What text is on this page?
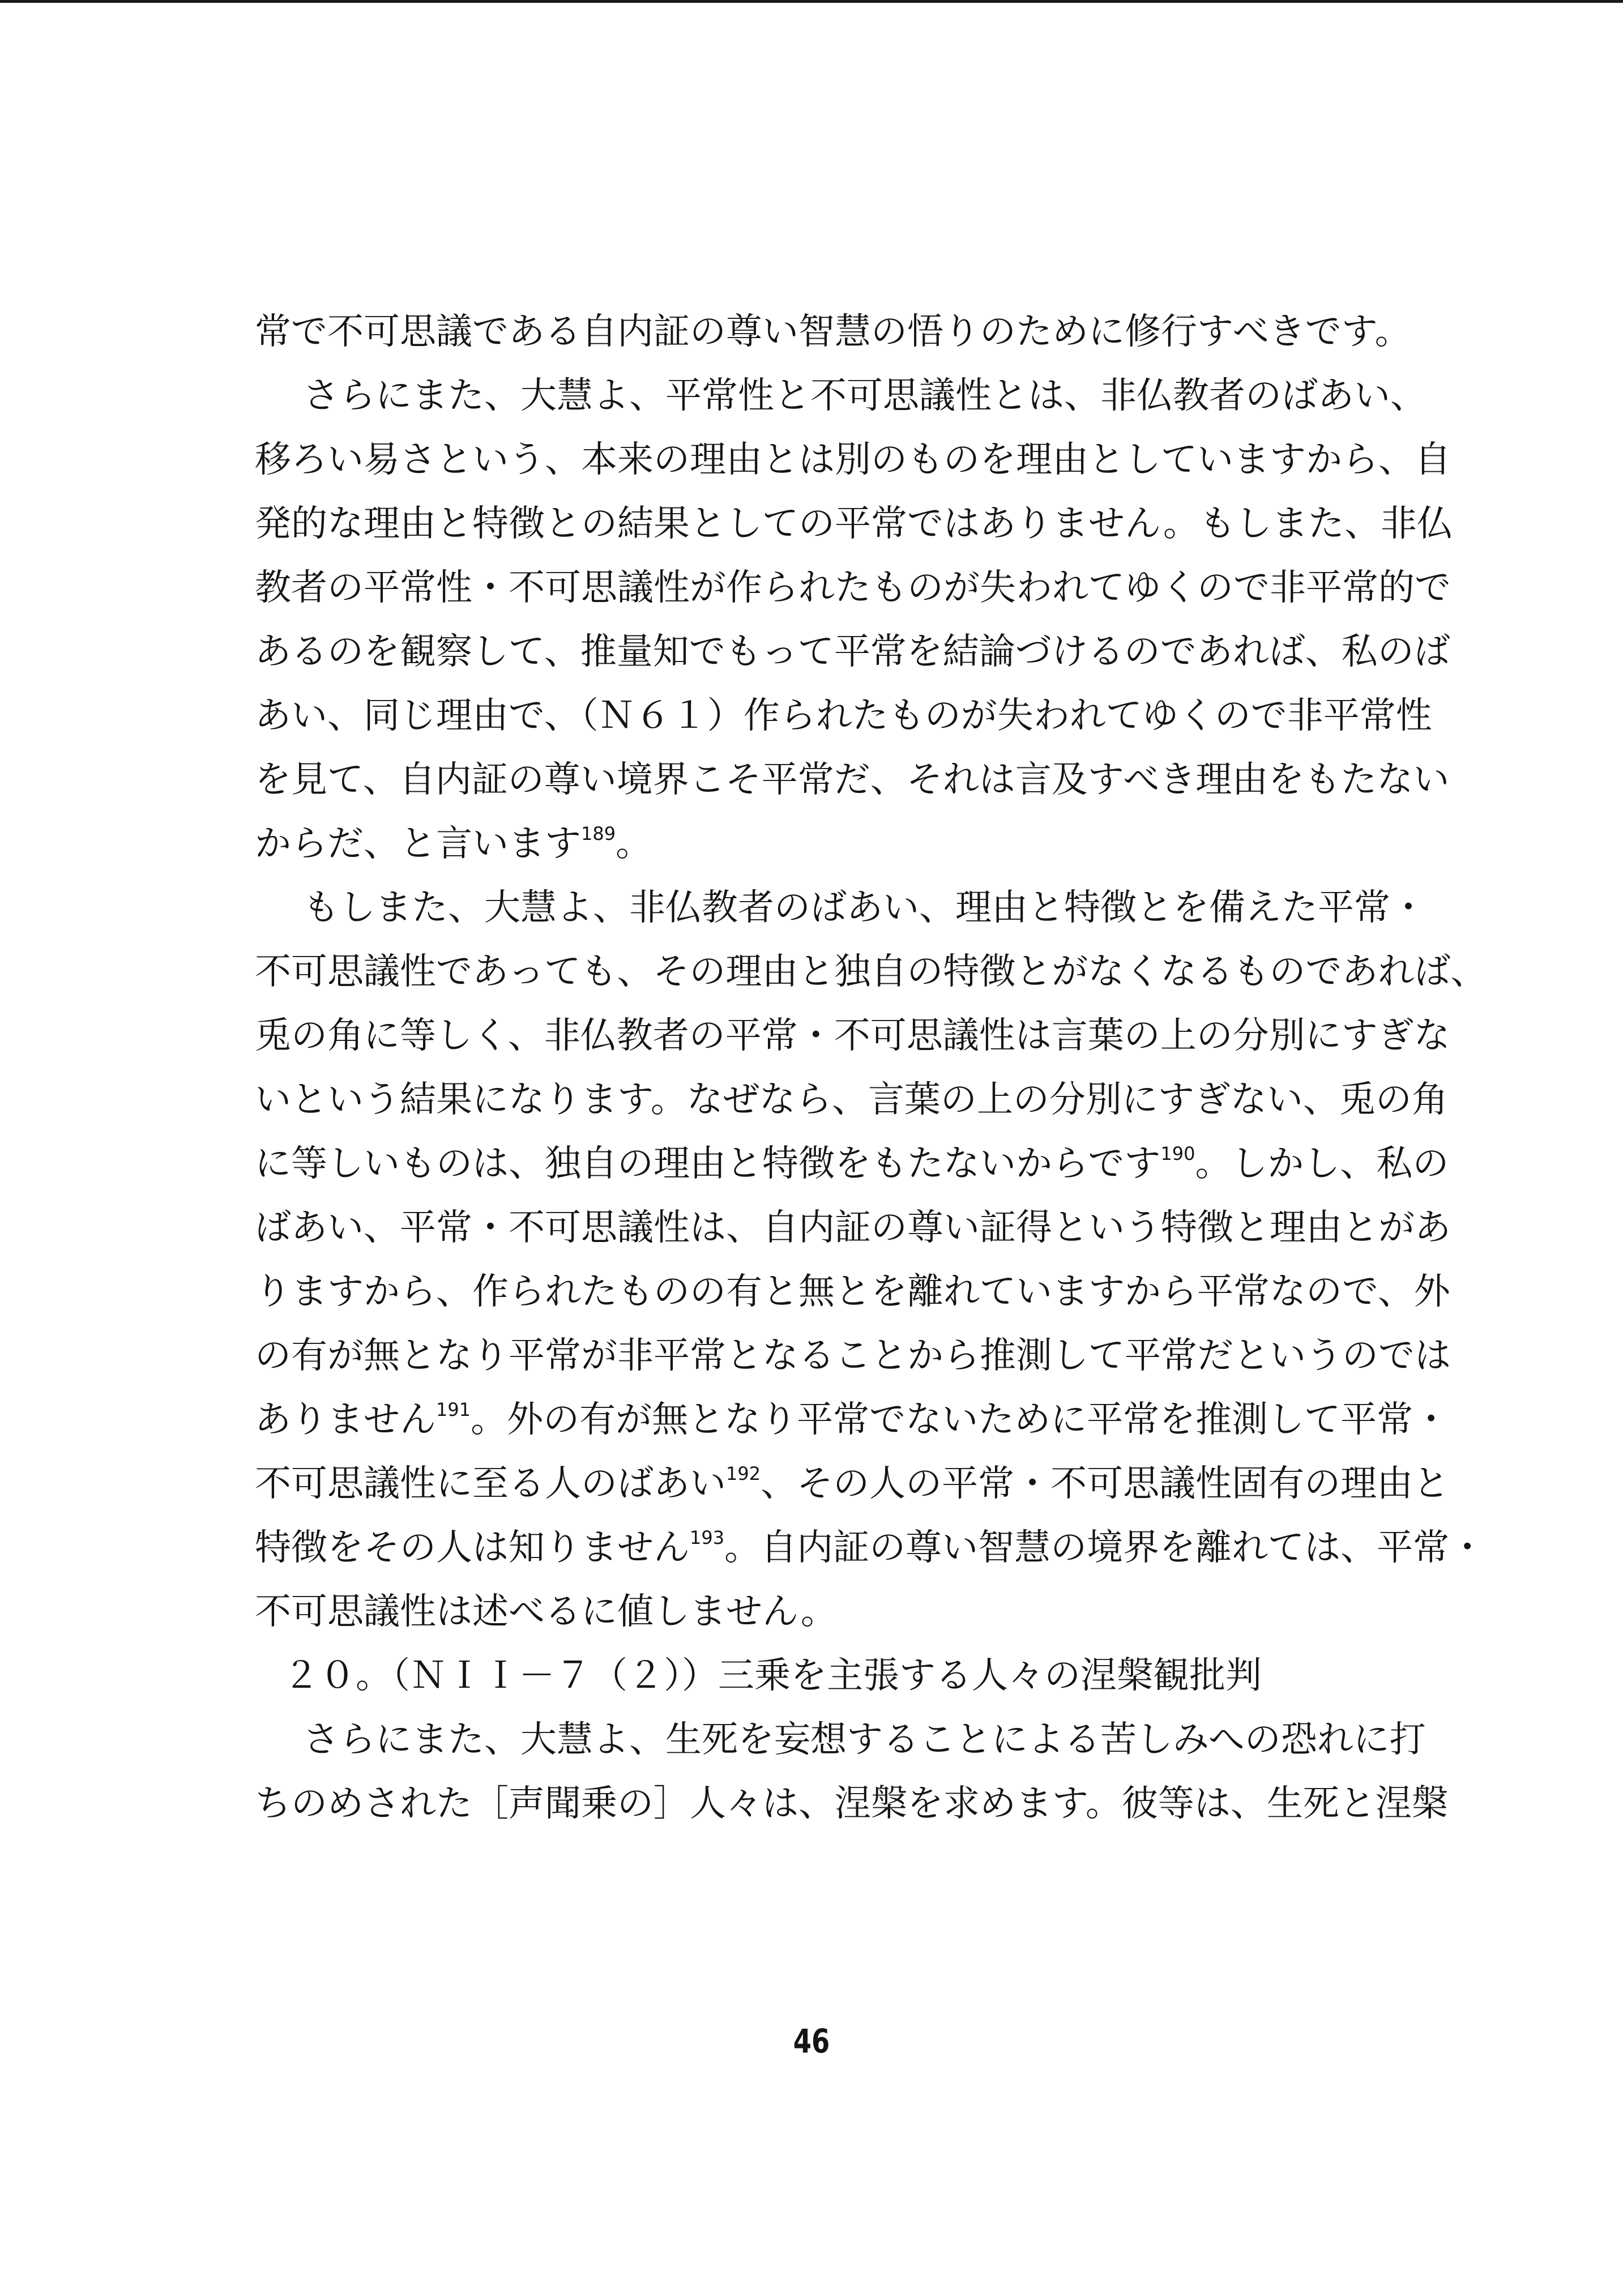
常で不可思議である自内証の尊い智慧の悟りのために修行すべきです。
さらにまた、大慧よ、平常性と不可思議性とは、非仏教者のばあい、
移ろい易さという、本来の理由とは別のものを理由としていますから、自
発的な理由と特徴との結果としての平常ではありません。もしまた、非仏
教者の平常性・不可思議性が作られたものが失われてゆくので非平常的で
あるのを観察して、推量知でもって平常を結論づけるのであれば、私のば
あい、同じ理由で、（Ｎ６１）作られたものが失われてゆくので非平常性
を見て、自内証の尊い境界こそ平常だ、それは言及すべき理由をもたない
からだ、と言います$^{189}$。
もしまた、大慧よ、非仏教者のばあい、理由と特徴とを備えた平常・
不可思議性であっても、その理由と独自の特徴とがなくなるものであれば、
兎の角に等しく、非仏教者の平常・不可思議性は言葉の上の分別にすぎな
いという結果になります。なぜなら、言葉の上の分別にすぎない、兎の角
に等しいものは、独自の理由と特徴をもたないからです$^{190}$。しかし、私の
ばあい、平常・不可思議性は、自内証の尊い証得という特徴と理由とがあ
りますから、作られたものの有と無とを離れていますから平常なので、外
の有が無となり平常が非平常となることから推測して平常だというのでは
ありません$^{191}$。外の有が無となり平常でないために平常を推測して平常・
不可思議性に至る人のばあい$^{192}$、その人の平常・不可思議性固有の理由と
特徴をその人は知りません$^{193}$。自内証の尊い智慧の境界を離れては、平常・
不可思議性は述べるに値しません。
２０。（ＮＩＩ－７（２））三乗を主張する人々の涅槃観批判
さらにまた、大慧よ、生死を妄想することによる苦しみへの恐れに打
ちのめされた［声聞乗の］人々は、涅槃を求めます。彼等は、生死と涅槃
46
